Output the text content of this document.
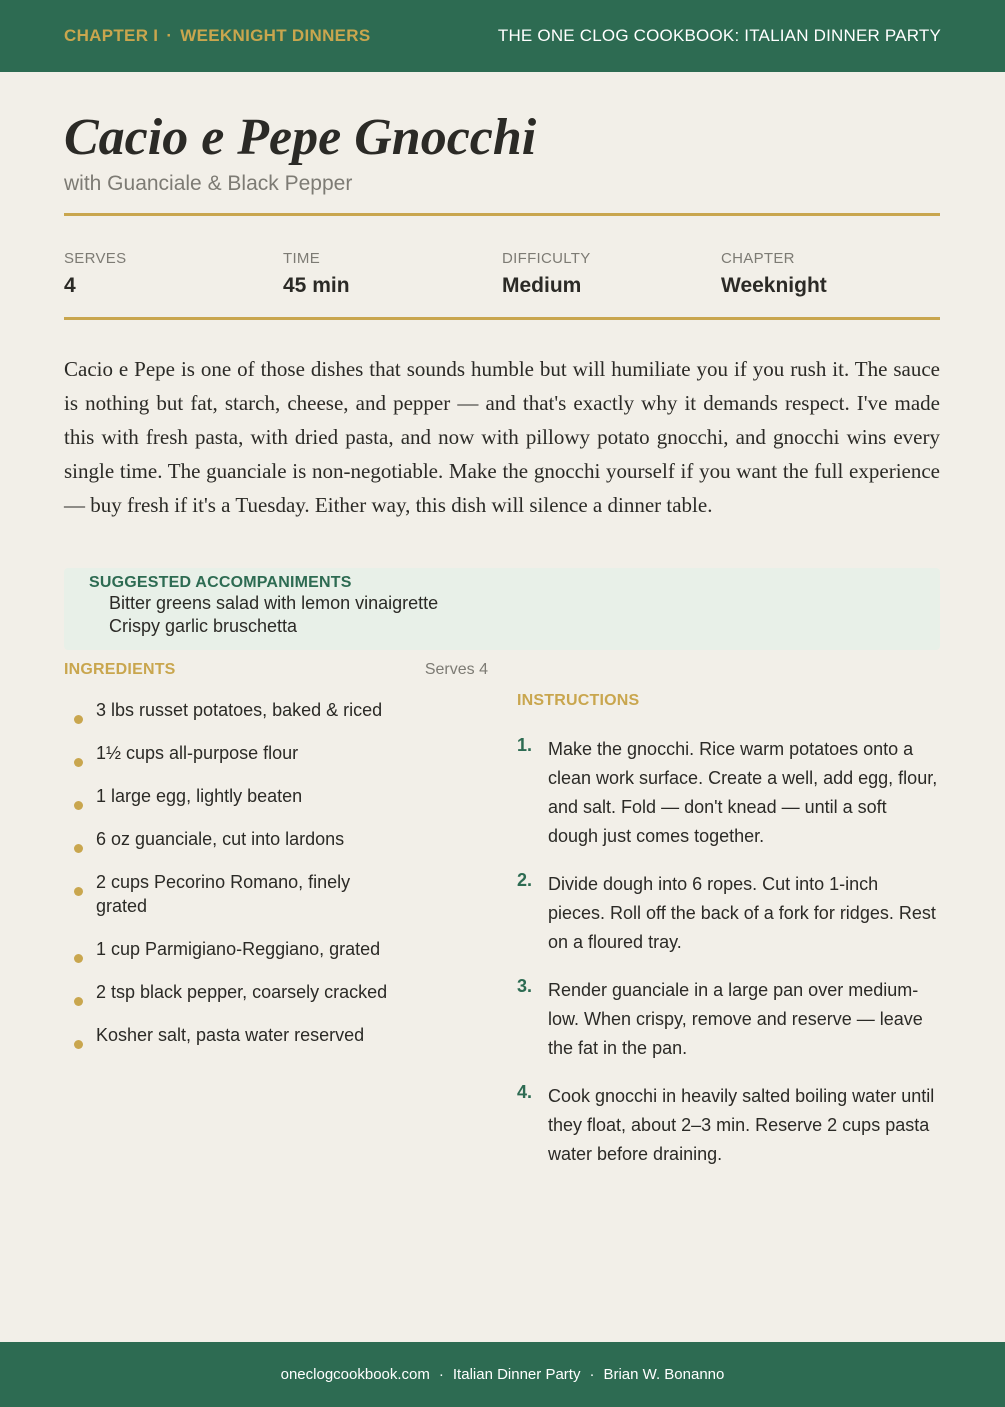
CHAPTER I · WEEKNIGHT DINNERS	THE ONE CLOG COOKBOOK: ITALIAN DINNER PARTY
Cacio e Pepe Gnocchi
with Guanciale & Black Pepper
SERVES
4
TIME
45 min
DIFFICULTY
Medium
CHAPTER
Weeknight

Cacio e Pepe is one of those dishes that sounds humble but will humiliate you if you rush it. The sauce is nothing but fat, starch, cheese, and pepper — and that's exactly why it demands respect. I've made this with fresh pasta, with dried pasta, and now with pillowy potato gnocchi, and gnocchi wins every single time. The guanciale is non-negotiable. Make the gnocchi yourself if you want the full experience — buy fresh if it's a Tuesday. Either way, this dish will silence a dinner table.

SUGGESTED ACCOMPANIMENTS
Bitter greens salad with lemon vinaigrette
Crispy garlic bruschetta
INGREDIENTS	Serves 4
3 lbs russet potatoes, baked & riced
1½ cups all-purpose flour
1 large egg, lightly beaten
6 oz guanciale, cut into lardons
2 cups Pecorino Romano, finely grated
1 cup Parmigiano-Reggiano, grated
2 tsp black pepper, coarsely cracked
Kosher salt, pasta water reserved
INSTRUCTIONS
1. Make the gnocchi. Rice warm potatoes onto a clean work surface. Create a well, add egg, flour, and salt. Fold — don't knead — until a soft dough just comes together.
2. Divide dough into 6 ropes. Cut into 1-inch pieces. Roll off the back of a fork for ridges. Rest on a floured tray.
3. Render guanciale in a large pan over medium-low. When crispy, remove and reserve — leave the fat in the pan.
4. Cook gnocchi in heavily salted boiling water until they float, about 2–3 min. Reserve 2 cups pasta water before draining.
oneclogcookbook.com · Italian Dinner Party · Brian W. Bonanno
